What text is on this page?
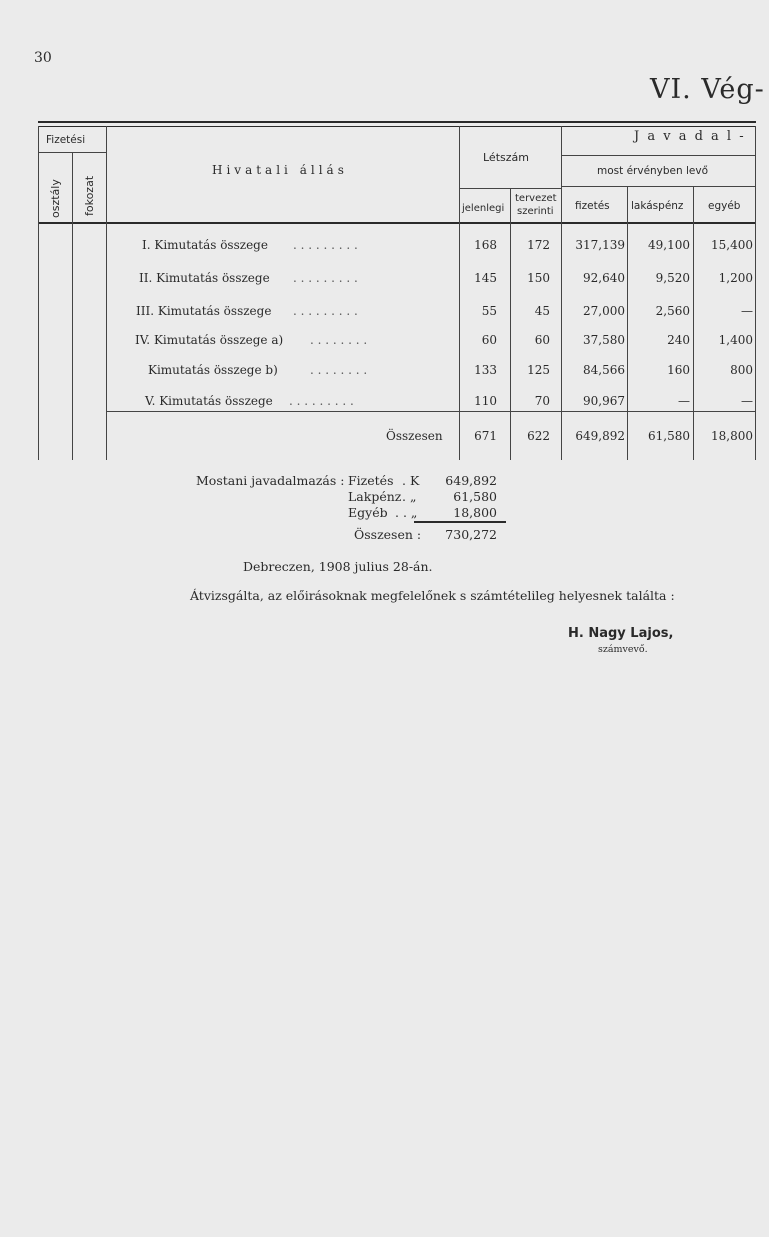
30
VI. Vég-
Fizetési
osztály fokozat
Hivatali állás
Létszám
jelenlegi
tervezet
szerinti
J a v a d a l -
most érvényben levő
fizetés lakáspénz egyéb
I. Kimutatás összege . . . . . . . . .	168	172 317,139 49,100 15,400
II. Kimutatás összege . . . . . . . . .	145	150	92,640	9,520 1,200
III. Kimutatás összege . . . . . . . . .	55	45	27,000	2,560	—
IV. Kimutatás összege a) . . . . . . . .	60	60	37,580	240 1,400
Kimutatás összege b)	. . . . . . . .	133	125	84,566	160	800
V. Kimutatás összege . . . . . . . . .	110	70	90,967	—	—
Összesen	671	622 649,892 61,580 18,800
Mostani javadalmazás : Fizetés . K 649,892
Lakpénz . „	61,580
Egyéb . . „	18,800
Összesen : 730,272
Debreczen, 1908 julius 28-án.
Átvizsgálta, az előirásoknak megfelelőnek s számtételileg helyesnek találta :
H. Nagy Lajos,
számvevő.
